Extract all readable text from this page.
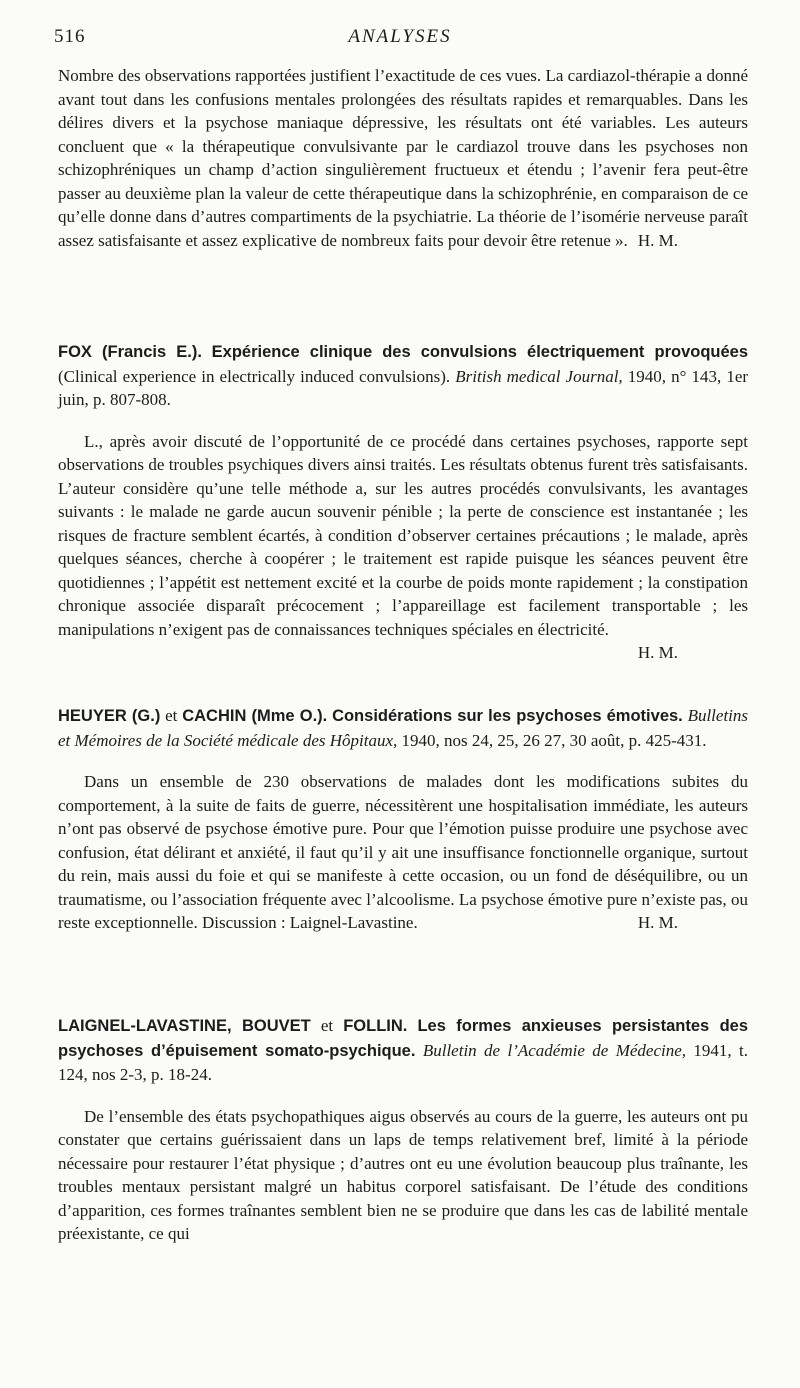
516	ANALYSES
Nombre des observations rapportées justifient l’exactitude de ces vues. La cardiazol-thérapie a donné avant tout dans les confusions mentales prolongées des résultats rapides et remarquables. Dans les délires divers et la psychose maniaque dépressive, les résultats ont été variables. Les auteurs concluent que « la thérapeutique convulsivante par le cardiazol trouve dans les psychoses non schizophréniques un champ d’action singulièrement fructueux et étendu ; l’avenir fera peut-être passer au deuxième plan la valeur de cette thérapeutique dans la schizophrénie, en comparaison de ce qu’elle donne dans d’autres compartiments de la psychiatrie. La théorie de l’isomérie nerveuse paraît assez satisfaisante et assez explicative de nombreux faits pour devoir être retenue ». H. M.

FOX (Francis E.). Expérience clinique des convulsions électriquement provoquées (Clinical experience in electrically induced convulsions). British medical Journal, 1940, n° 143, 1er juin, p. 807-808.

L., après avoir discuté de l’opportunité de ce procédé dans certaines psychoses, rapporte sept observations de troubles psychiques divers ainsi traités. Les résultats obtenus furent très satisfaisants. L’auteur considère qu’une telle méthode a, sur les autres procédés convulsivants, les avantages suivants : le malade ne garde aucun souvenir pénible ; la perte de conscience est instantanée ; les risques de fracture semblent écartés, à condition d’observer certaines précautions ; le malade, après quelques séances, cherche à coopérer ; le traitement est rapide puisque les séances peuvent être quotidiennes ; l’appétit est nettement excité et la courbe de poids monte rapidement ; la constipation chronique associée disparaît précocement ; l’appareillage est facilement transportable ; les manipulations n’exigent pas de connaissances techniques spéciales en électricité.

H. M.

HEUYER (G.) et CACHIN (Mme O.). Considérations sur les psychoses émotives. Bulletins et Mémoires de la Société médicale des Hôpitaux, 1940, nos 24, 25, 26 27, 30 août, p. 425-431.

Dans un ensemble de 230 observations de malades dont les modifications subites du comportement, à la suite de faits de guerre, nécessitèrent une hospitalisation immédiate, les auteurs n’ont pas observé de psychose émotive pure. Pour que l’émotion puisse produire une psychose avec confusion, état délirant et anxiété, il faut qu’il y ait une insuffisance fonctionnelle organique, surtout du rein, mais aussi du foie et qui se manifeste à cette occasion, ou un fond de déséquilibre, ou un traumatisme, ou l’association fréquente avec l’alcoolisme. La psychose émotive pure n’existe pas, ou reste exceptionnelle. Discussion : Laignel-Lavastine.	H. M.

LAIGNEL-LAVASTINE, BOUVET et FOLLIN. Les formes anxieuses persistantes des psychoses d’épuisement somato-psychique. Bulletin de l’Académie de Médecine, 1941, t. 124, nos 2-3, p. 18-24.

De l’ensemble des états psychopathiques aigus observés au cours de la guerre, les auteurs ont pu constater que certains guérissaient dans un laps de temps relativement bref, limité à la période nécessaire pour restaurer l’état physique ; d’autres ont eu une évolution beaucoup plus traînante, les troubles mentaux persistant malgré un habitus corporel satisfaisant. De l’étude des conditions d’apparition, ces formes traînantes semblent bien ne se produire que dans les cas de labilité mentale préexistante, ce qui
